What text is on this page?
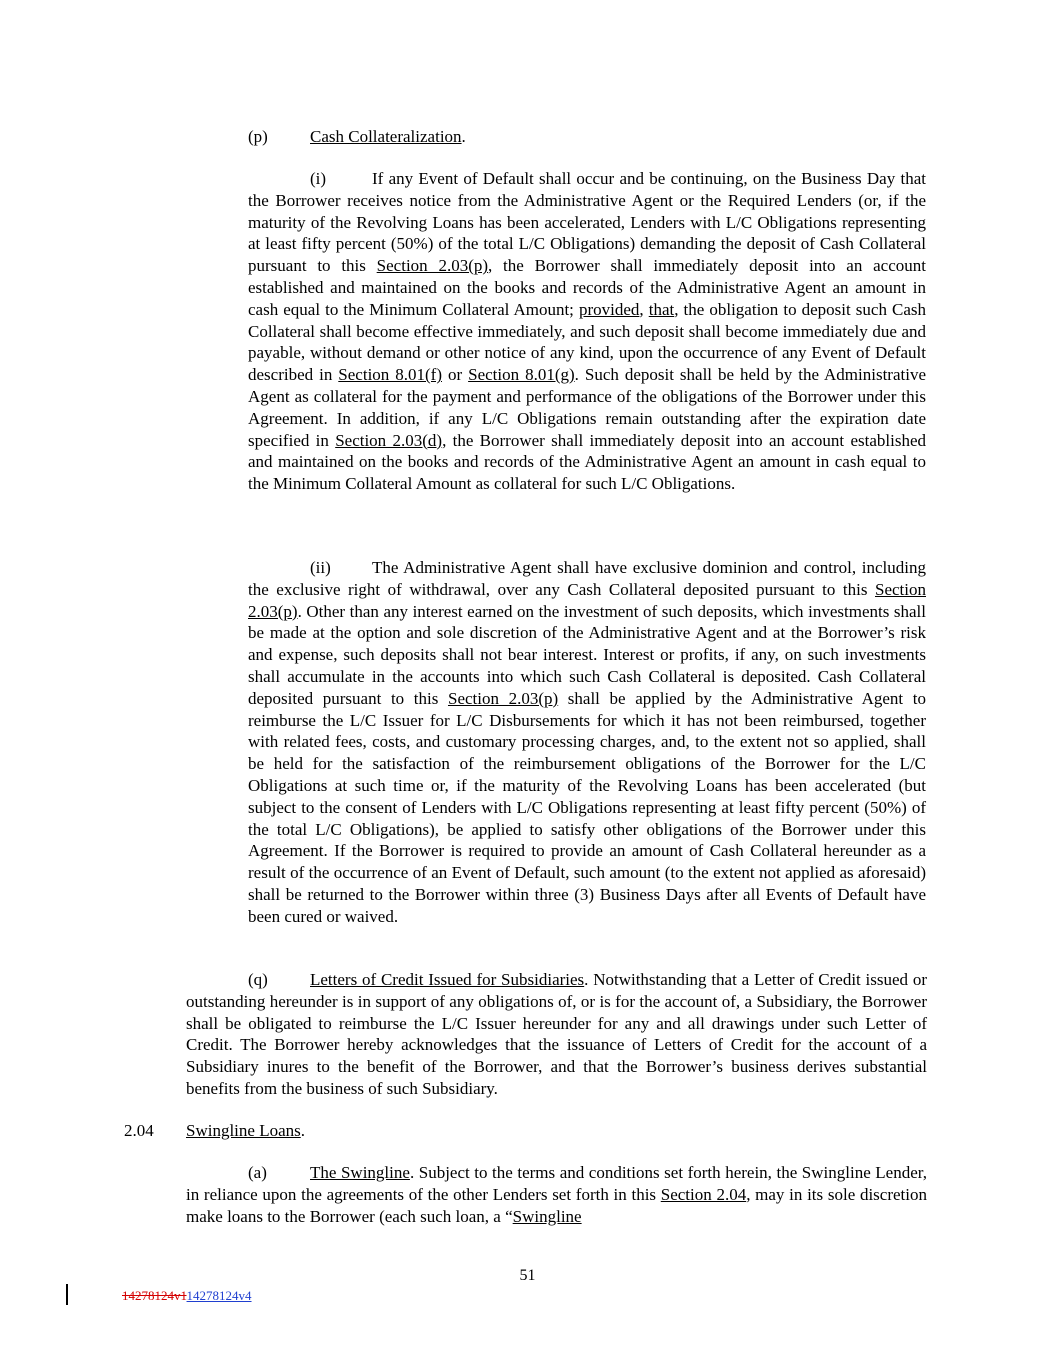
(p) Cash Collateralization.
(i)	If any Event of Default shall occur and be continuing, on the Business Day that the Borrower receives notice from the Administrative Agent or the Required Lenders (or, if the maturity of the Revolving Loans has been accelerated, Lenders with L/C Obligations representing at least fifty percent (50%) of the total L/C Obligations) demanding the deposit of Cash Collateral pursuant to this Section 2.03(p), the Borrower shall immediately deposit into an account established and maintained on the books and records of the Administrative Agent an amount in cash equal to the Minimum Collateral Amount; provided, that, the obligation to deposit such Cash Collateral shall become effective immediately, and such deposit shall become immediately due and payable, without demand or other notice of any kind, upon the occurrence of any Event of Default described in Section 8.01(f) or Section 8.01(g). Such deposit shall be held by the Administrative Agent as collateral for the payment and performance of the obligations of the Borrower under this Agreement. In addition, if any L/C Obligations remain outstanding after the expiration date specified in Section 2.03(d), the Borrower shall immediately deposit into an account established and maintained on the books and records of the Administrative Agent an amount in cash equal to the Minimum Collateral Amount as collateral for such L/C Obligations.
(ii) The Administrative Agent shall have exclusive dominion and control, including the exclusive right of withdrawal, over any Cash Collateral deposited pursuant to this Section 2.03(p). Other than any interest earned on the investment of such deposits, which investments shall be made at the option and sole discretion of the Administrative Agent and at the Borrower’s risk and expense, such deposits shall not bear interest. Interest or profits, if any, on such investments shall accumulate in the accounts into which such Cash Collateral is deposited. Cash Collateral deposited pursuant to this Section 2.03(p) shall be applied by the Administrative Agent to reimburse the L/C Issuer for L/C Disbursements for which it has not been reimbursed, together with related fees, costs, and customary processing charges, and, to the extent not so applied, shall be held for the satisfaction of the reimbursement obligations of the Borrower for the L/C Obligations at such time or, if the maturity of the Revolving Loans has been accelerated (but subject to the consent of Lenders with L/C Obligations representing at least fifty percent (50%) of the total L/C Obligations), be applied to satisfy other obligations of the Borrower under this Agreement. If the Borrower is required to provide an amount of Cash Collateral hereunder as a result of the occurrence of an Event of Default, such amount (to the extent not applied as aforesaid) shall be returned to the Borrower within three (3) Business Days after all Events of Default have been cured or waived.
(q) Letters of Credit Issued for Subsidiaries. Notwithstanding that a Letter of Credit issued or outstanding hereunder is in support of any obligations of, or is for the account of, a Subsidiary, the Borrower shall be obligated to reimburse the L/C Issuer hereunder for any and all drawings under such Letter of Credit. The Borrower hereby acknowledges that the issuance of Letters of Credit for the account of a Subsidiary inures to the benefit of the Borrower, and that the Borrower’s business derives substantial benefits from the business of such Subsidiary.
2.04 Swingline Loans.
(a)	The Swingline. Subject to the terms and conditions set forth herein, the Swingline Lender, in reliance upon the agreements of the other Lenders set forth in this Section 2.04, may in its sole discretion make loans to the Borrower (each such loan, a “Swingline
51
14278124v114278124v4
